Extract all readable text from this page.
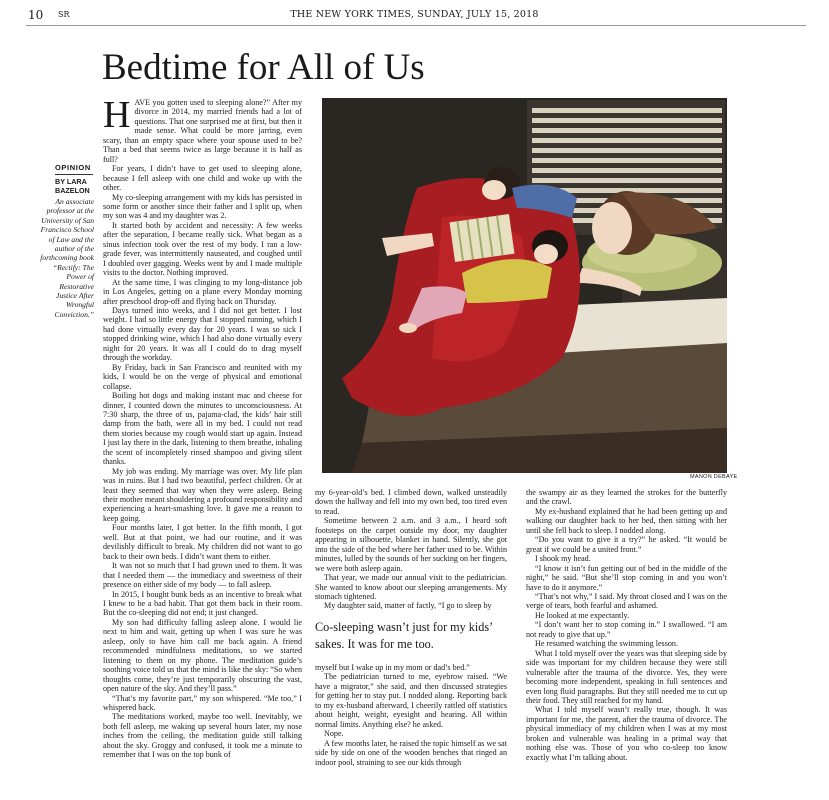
10 SR	THE NEW YORK TIMES, SUNDAY, JULY 15, 2018
Bedtime for All of Us
OPINION
BY LARA BAZELON
An associate professor at the University of San Francisco School of Law and the author of the forthcoming book “Rectify: The Power of Restorative Justice After Wrongful Conviction.”
H AVE you gotten used to sleeping alone?” After my divorce in 2014, my married friends had a lot of questions. That one surprised me at first, but then it made sense. What could be more jarring, even scary, than an empty space where your spouse used to be? Than a bed that seems twice as large because it is half as full?

For years, I didn’t have to get used to sleeping alone, because I fell asleep with one child and woke up with the other.

My co-sleeping arrangement with my kids has persisted in some form or another since their father and I split up, when my son was 4 and my daughter was 2.

It started both by accident and necessity: A few weeks after the separation, I became really sick. What began as a sinus infection took over the rest of my body. I ran a low-grade fever, was intermittently nauseated, and coughed until I doubled over gagging. Weeks went by and I made multiple visits to the doctor. Nothing improved.

At the same time, I was clinging to my long-distance job in Los Angeles, getting on a plane every Monday morning after preschool drop-off and flying back on Thursday.

Days turned into weeks, and I did not get better. I lost weight. I had so little energy that I stopped running, which I had done virtually every day for 20 years. I was so sick I stopped drinking wine, which I had also done virtually every night for 20 years. It was all I could do to drag myself through the workday.

By Friday, back in San Francisco and reunited with my kids, I would be on the verge of physical and emotional collapse.

Boiling hot dogs and making instant mac and cheese for dinner, I counted down the minutes to unconsciousness. At 7:30 sharp, the three of us, pajama-clad, the kids’ hair still damp from the bath, were all in my bed. I could not read them stories because my cough would start up again. Instead I just lay there in the dark, listening to them breathe, inhaling the scent of incompletely rinsed shampoo and giving silent thanks.

My job was ending. My marriage was over. My life plan was in ruins. But I had two beautiful, perfect children. Or at least they seemed that way when they were asleep. Being their mother meant shouldering a profound responsibility and experiencing a heart-smashing love. It gave me a reason to keep going.

Four months later, I got better. In the fifth month, I got well. But at that point, we had our routine, and it was devilishly difficult to break. My children did not want to go back to their own beds. I didn’t want them to either.

It was not so much that I had grown used to them. It was that I needed them — the immediacy and sweetness of their presence on either side of my body — to fall asleep.

In 2015, I bought bunk beds as an incentive to break what I knew to be a bad habit. That got them back in their room. But the co-sleeping did not end; it just changed.

My son had difficulty falling asleep alone. I would lie next to him and wait, getting up when I was sure he was asleep, only to have him call me back again. A friend recommended mindfulness meditations, so we started listening to them on my phone. The meditation guide’s soothing voice told us that the mind is like the sky: “So when thoughts come, they’re just temporarily obscuring the vast, open nature of the sky. And they’ll pass.”

“That’s my favorite part,” my son whispered. “Me too,” I whispered back.

The meditations worked, maybe too well. Inevitably, we both fell asleep, me waking up several hours later, my nose inches from the ceiling, the meditation guide still talking about the sky. Groggy and confused, it took me a minute to remember that I was on the top bunk of

my 6-year-old’s bed. I climbed down, walked unsteadily down the hallway and fell into my own bed, too tired even to read.

Sometime between 2 a.m. and 3 a.m., I heard soft footsteps on the carpet outside my door, my daughter appearing in silhouette, blanket in hand. Silently, she got into the side of the bed where her father used to be. Within minutes, lulled by the sounds of her sucking on her fingers, we were both asleep again.

That year, we made our annual visit to the pediatrician. She wanted to know about our sleeping arrangements. My stomach tightened.

My daughter said, matter of factly, “I go to sleep by

Co-sleeping wasn’t just for my kids’ sakes. It was for me too.

myself but I wake up in my mom or dad’s bed.”

The pediatrician turned to me, eyebrow raised. “We have a migrator,” she said, and then discussed strategies for getting her to stay put. I nodded along. Reporting back to my ex-husband afterward, I cheerily rattled off statistics about height, weight, eyesight and hearing. All within normal limits. Anything else? he asked.

Nope.

A few months later, he raised the topic himself as we sat side by side on one of the wooden benches that ringed an indoor pool, straining to see our kids through

the swampy air as they learned the strokes for the butterfly and the crawl.

My ex-husband explained that he had been getting up and walking our daughter back to her bed, then sitting with her until she fell back to sleep. I nodded along.

“Do you want to give it a try?” he asked. “It would be great if we could be a united front.”

I shook my head.

“I know it isn’t fun getting out of bed in the middle of the night,” he said. “But she’ll stop coming in and you won’t have to do it anymore.”

“That’s not why,” I said. My throat closed and I was on the verge of tears, both fearful and ashamed.

He looked at me expectantly.

“I don’t want her to stop coming in.” I swallowed. “I am not ready to give that up.”

He resumed watching the swimming lesson.

What I told myself over the years was that sleeping side by side was important for my children because they were still vulnerable after the trauma of the divorce. Yes, they were becoming more independent, speaking in full sentences and even long fluid paragraphs. But they still needed me to cut up their food. They still reached for my hand.

What I told myself wasn’t really true, though. It was important for me, the parent, after the trauma of divorce. The physical immediacy of my children when I was at my most broken and vulnerable was healing in a primal way that nothing else was. Those of you who co-sleep too know exactly what I’m talking about.

MANON DEBAYE
